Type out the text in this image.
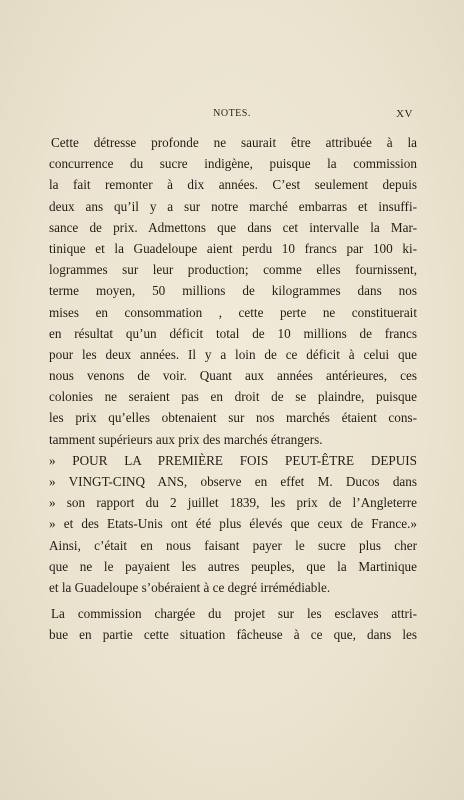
NOTES.	XV
Cette détresse profonde ne saurait être attribuée à la
concurrence du sucre indigène, puisque la commission
la fait remonter à dix années. C’est seulement depuis
deux ans qu’il y a sur notre marché embarras et insuffi-
sance de prix. Admettons que dans cet intervalle la Mar-
tinique et la Guadeloupe aient perdu 10 francs par 100 ki-
logrammes sur leur production; comme elles fournissent,
terme moyen, 50 millions de kilogrammes dans nos
mises en consommation , cette perte ne constituerait
en résultat qu’un déficit total de 10 millions de francs
pour les deux années. Il y a loin de ce déficit à celui que
nous venons de voir. Quant aux années antérieures, ces
colonies ne seraient pas en droit de se plaindre, puisque
les prix qu’elles obtenaient sur nos marchés étaient cons-
tamment supérieurs aux prix des marchés étrangers.
» POUR LA PREMIÈRE FOIS PEUT-ÊTRE DEPUIS
» VINGT-CINQ ANS, observe en effet M. Ducos dans
» son rapport du 2 juillet 1839, les prix de l’Angleterre
» et des Etats-Unis ont été plus élevés que ceux de France.»
Ainsi, c’était en nous faisant payer le sucre plus cher
que ne le payaient les autres peuples, que la Martinique
et la Guadeloupe s’obéraient à ce degré irrémédiable.
La commission chargée du projet sur les esclaves attri-
bue en partie cette situation fâcheuse à ce que, dans les
